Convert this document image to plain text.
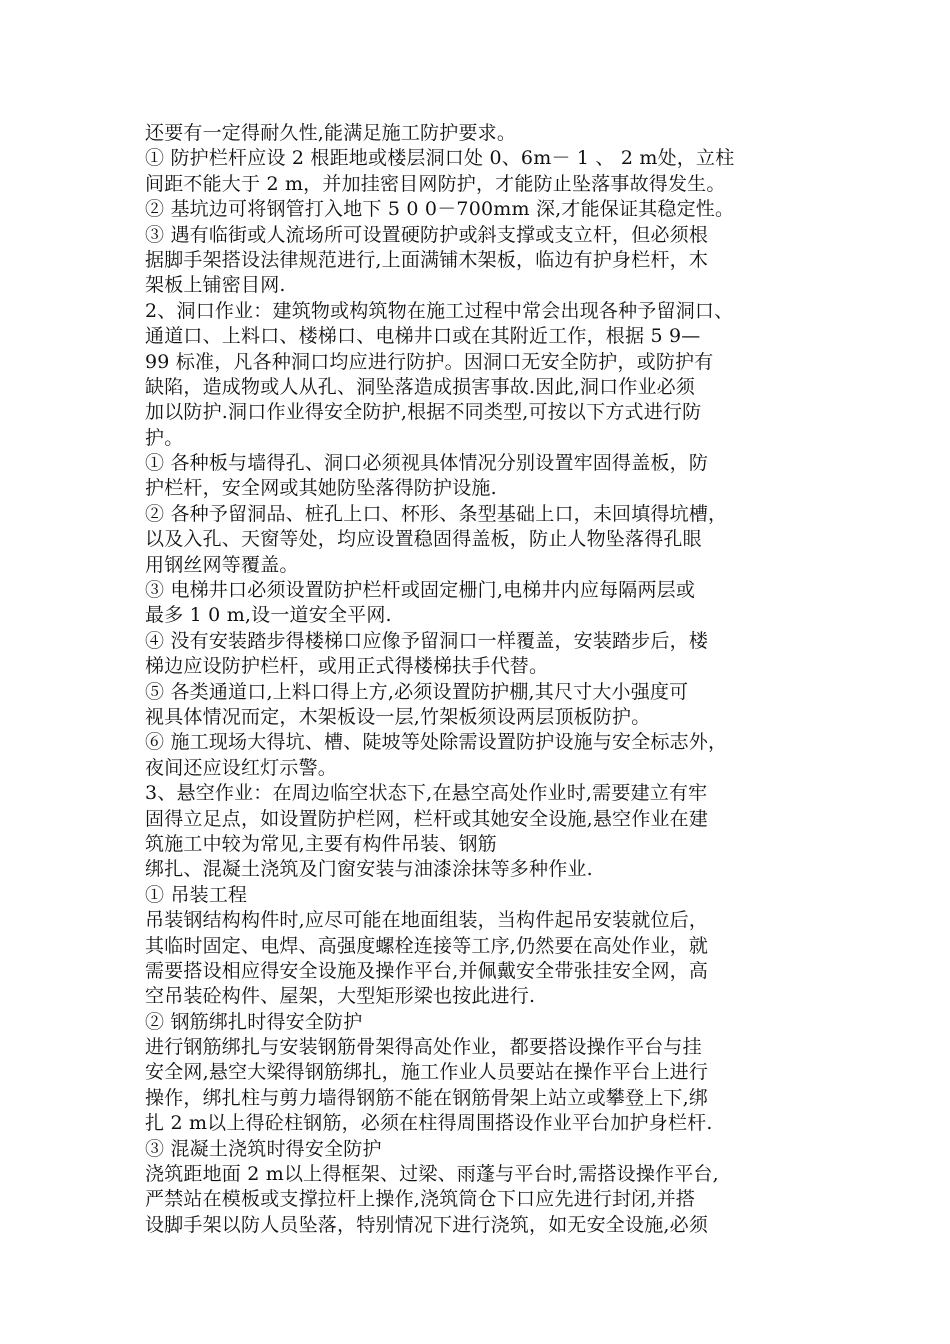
还要有一定得耐久性,能满足施工防护要求。
① 防护栏杆应设 2 根距地或楼层洞口处 0、6m－ 1 、 2 m处，立柱
间距不能大于 2 m，并加挂密目网防护，才能防止坠落事故得发生。
② 基坑边可将钢管打入地下 5 0 0－700mm 深,才能保证其稳定性。
③ 遇有临街或人流场所可设置硬防护或斜支撑或支立杆，但必须根
据脚手架搭设法律规范进行,上面满铺木架板，临边有护身栏杆，木
架板上铺密目网.
2、洞口作业：建筑物或构筑物在施工过程中常会出现各种予留洞口、
通道口、上料口、楼梯口、电梯井口或在其附近工作，根据 5 9—
99 标准，凡各种洞口均应进行防护。因洞口无安全防护，或防护有
缺陷，造成物或人从孔、洞坠落造成损害事故.因此,洞口作业必须
加以防护.洞口作业得安全防护,根据不同类型,可按以下方式进行防
护。
① 各种板与墙得孔、洞口必须视具体情况分别设置牢固得盖板，防
护栏杆，安全网或其她防坠落得防护设施.
② 各种予留洞品、桩孔上口、杯形、条型基础上口，未回填得坑槽，
以及入孔、天窗等处，均应设置稳固得盖板，防止人物坠落得孔眼
用钢丝网等覆盖。
③ 电梯井口必须设置防护栏杆或固定栅门,电梯井内应每隔两层或
最多 1 0 m,设一道安全平网.
④ 没有安装踏步得楼梯口应像予留洞口一样覆盖，安装踏步后，楼
梯边应设防护栏杆，或用正式得楼梯扶手代替。
⑤ 各类通道口,上料口得上方,必须设置防护棚,其尺寸大小强度可
视具体情况而定，木架板设一层,竹架板须设两层顶板防护。
⑥ 施工现场大得坑、槽、陡坡等处除需设置防护设施与安全标志外，
夜间还应设红灯示警。
3、悬空作业：在周边临空状态下,在悬空高处作业时,需要建立有牢
固得立足点，如设置防护栏网，栏杆或其她安全设施,悬空作业在建
筑施工中较为常见,主要有构件吊装、钢筋
绑扎、混凝土浇筑及门窗安装与油漆涂抹等多种作业.
① 吊装工程
吊装钢结构构件时,应尽可能在地面组装，当构件起吊安装就位后，
其临时固定、电焊、高强度螺栓连接等工序,仍然要在高处作业，就
需要搭设相应得安全设施及操作平台,并佩戴安全带张挂安全网，高
空吊装砼构件、屋架，大型矩形梁也按此进行.
② 钢筋绑扎时得安全防护
进行钢筋绑扎与安装钢筋骨架得高处作业，都要搭设操作平台与挂
安全网,悬空大梁得钢筋绑扎，施工作业人员要站在操作平台上进行
操作，绑扎柱与剪力墙得钢筋不能在钢筋骨架上站立或攀登上下,绑
扎 2 m以上得砼柱钢筋，必须在柱得周围搭设作业平台加护身栏杆.
③ 混凝土浇筑时得安全防护
浇筑距地面 2 m以上得框架、过梁、雨蓬与平台时,需搭设操作平台,
严禁站在模板或支撑拉杆上操作,浇筑筒仓下口应先进行封闭,并搭
设脚手架以防人员坠落，特别情况下进行浇筑，如无安全设施,必须
